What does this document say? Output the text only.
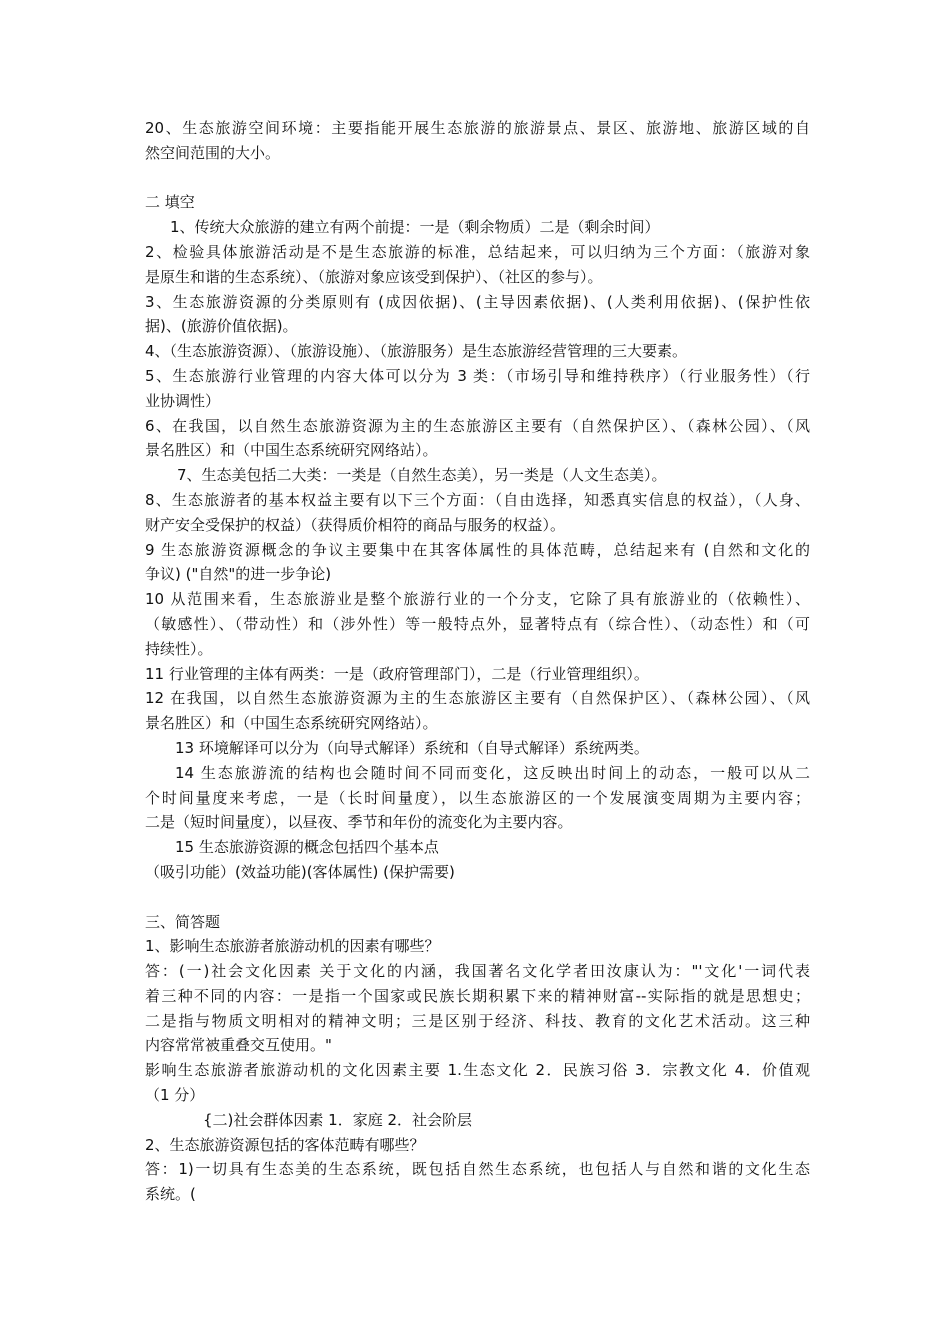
20、生态旅游空间环境：主要指能开展生态旅游的旅游景点、景区、旅游地、旅游区域的自
然空间范围的大小。
二 填空
1、传统大众旅游的建立有两个前提：一是（剩余物质）二是（剩余时间）
2、检验具体旅游活动是不是生态旅游的标准，总结起来，可以归纳为三个方面：（旅游对象
是原生和谐的生态系统）、（旅游对象应该受到保护）、（社区的参与）。
3、生态旅游资源的分类原则有 (成因依据)、(主导因素依据)、(人类利用依据)、(保护性依
据)、(旅游价值依据)。
4、（生态旅游资源）、（旅游设施）、（旅游服务）是生态旅游经营管理的三大要素。
5、生态旅游行业管理的内容大体可以分为 3 类：（市场引导和维持秩序）（行业服务性）（行
业协调性）
6、在我国，以自然生态旅游资源为主的生态旅游区主要有（自然保护区）、（森林公园）、（风
景名胜区）和（中国生态系统研究网络站）。
7、生态美包括二大类：一类是（自然生态美），另一类是（人文生态美）。
8、生态旅游者的基本权益主要有以下三个方面：（自由选择，知悉真实信息的权益），（人身、
财产安全受保护的权益）（获得质价相符的商品与服务的权益）。
9 生态旅游资源概念的争议主要集中在其客体属性的具体范畴，总结起来有 (自然和文化的
争议) ("自然"的进一步争论)
10 从范围来看，生态旅游业是整个旅游行业的一个分支，它除了具有旅游业的（依赖性）、
（敏感性）、（带动性）和（涉外性）等一般特点外，显著特点有（综合性）、（动态性）和（可
持续性）。
11 行业管理的主体有两类：一是（政府管理部门），二是（行业管理组织）。
12 在我国，以自然生态旅游资源为主的生态旅游区主要有（自然保护区）、（森林公园）、（风
景名胜区）和（中国生态系统研究网络站）。
13 环境解译可以分为（向导式解译）系统和（自导式解译）系统两类。
14 生态旅游流的结构也会随时间不同而变化，这反映出时间上的动态，一般可以从二
个时间量度来考虑，一是（长时间量度），以生态旅游区的一个发展演变周期为主要内容；
二是（短时间量度），以昼夜、季节和年份的流变化为主要内容。
15 生态旅游资源的概念包括四个基本点
（吸引功能）(效益功能)(客体属性) (保护需要)
三、简答题
1、影响生态旅游者旅游动机的因素有哪些？
答：(一)社会文化因素 关于文化的内涵，我国著名文化学者田汝康认为："'文化'一词代表
着三种不同的内容：一是指一个国家或民族长期积累下来的精神财富--实际指的就是思想史；
二是指与物质文明相对的精神文明；三是区别于经济、科技、教育的文化艺术活动。这三种
内容常常被重叠交互使用。"
影响生态旅游者旅游动机的文化因素主要 1.生态文化 2．民族习俗 3．宗教文化 4．价值观
（1 分）
{二)社会群体因素 1．家庭 2．社会阶层
2、生态旅游资源包括的客体范畴有哪些？
答：1)一切具有生态美的生态系统，既包括自然生态系统，也包括人与自然和谐的文化生态
系统。(
